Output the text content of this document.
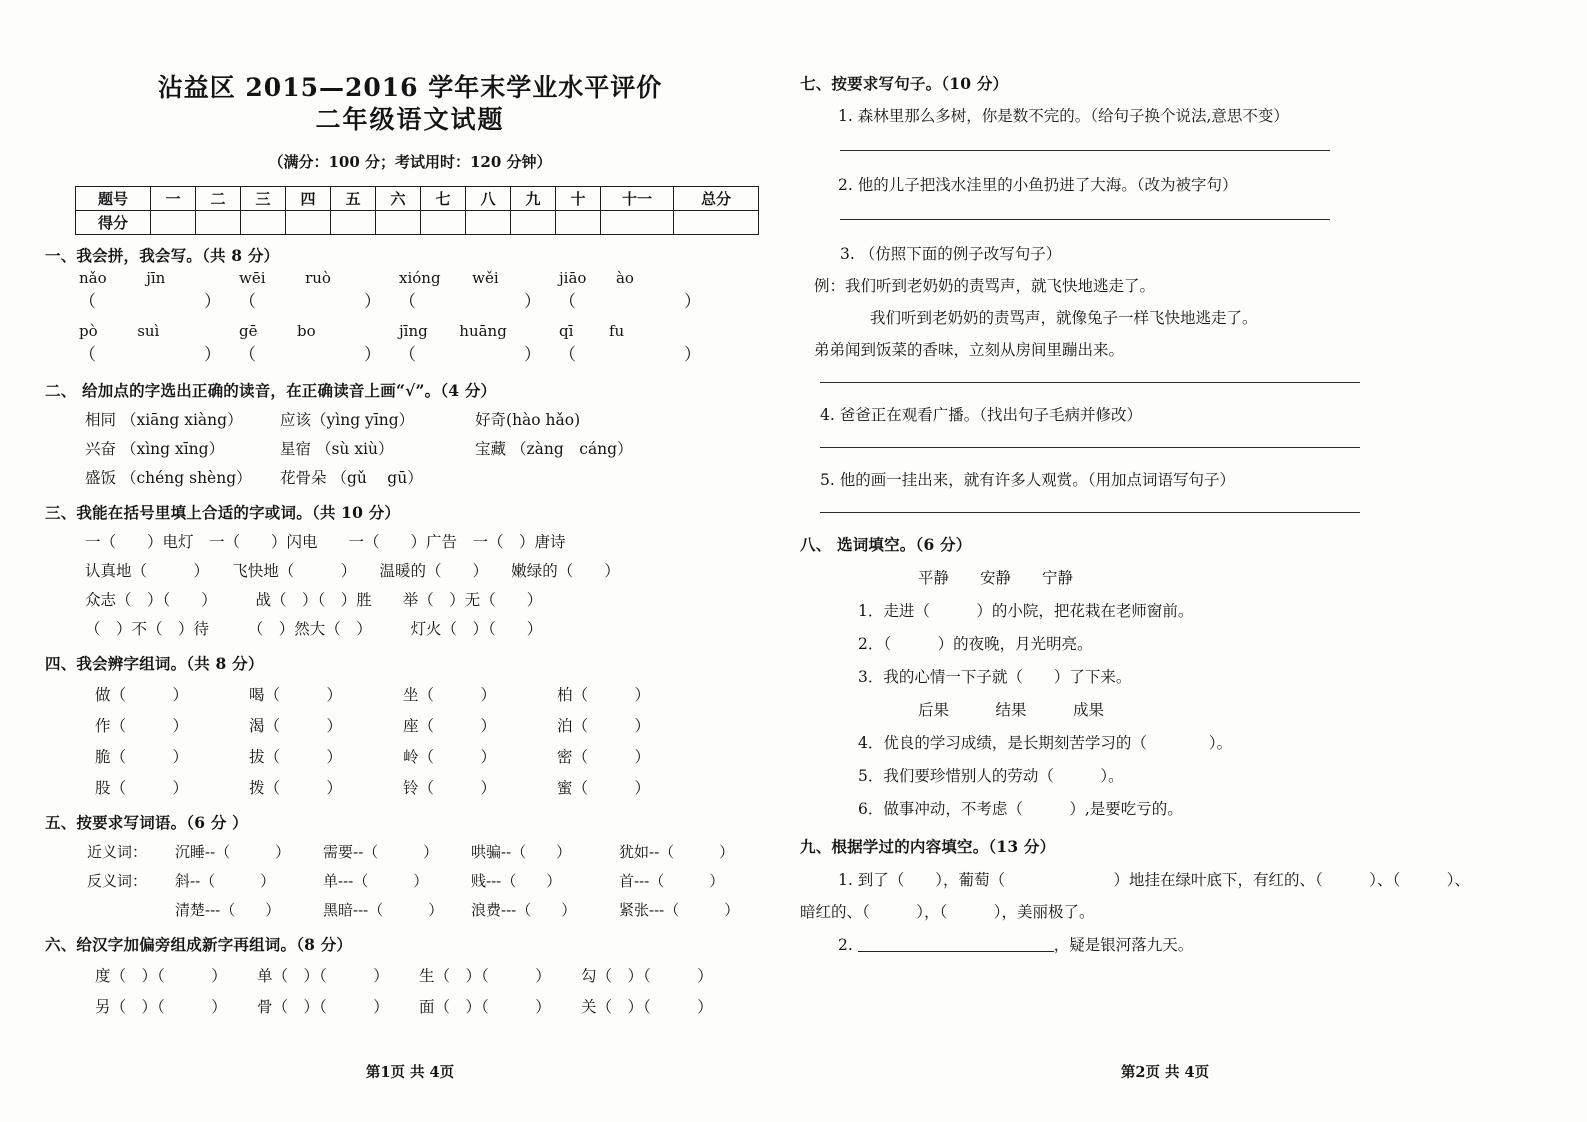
沾益区 2015—2016 学年末学业水平评价
二年级语文试题
（满分：100 分；考试用时：120 分钟）
题号	一	二	三	四	五	六	七	八	九	十	十一	总分
得分												
一、我会拼，我会写。（共 8 分）
nǎo	jīn	wēi	ruò	xióng wěi	jiāo ào
（	）	（	）	（	）	（	）
pò	suì	gē	bo	jīng huāng	qī fu
（	）	（	）	（	）	（	）
二、 给加点的字选出正确的读音，在正确读音上画“√”。（4 分）
相同 （xiāng xiàng）	应该（yìng yīng）	好奇(hào hǎo)
兴奋 （xìng xīng）	星宿 （sù xiù）	宝藏 （zàng　cáng）
盛饭 （chéng shèng）	花骨朵 （gǔ　 gū）
三、我能在括号里填上合适的字或词。（共 10 分）
一（　　）电灯　一（　　）闪电　　一（　　）广告　一（　）唐诗
认真地（　　　）　　飞快地（　　　）　　温暖的（　　）　　嫩绿的（　　）
众志（　）（　　）　　　战（　）（　）胜　　举（　）无（　　）
（　）不（　）待　　　（　）然大（　）　　　灯火（　）（　　）
四、我会辨字组词。（共 8 分）
做（　　　）	喝（　　　）	坐（　　　）	柏（　　　）
作（　　　）	渴（　　　）	座（　　　）	泊（　　　）
脆（　　　）	拔（　　　）	岭（　　　）	密（　　　）
股（　　　）	拨（　　　）	铃（　　　）	蜜（　　　）
五、按要求写词语。（6 分 ）
近义词：	沉睡--（　　　）	需要--（　　　）	哄骗--（　　）	犹如--（　　　）
反义词：	斜--（　　　）	单---（　　　）	贱---（　　）	首---（　　　）
清楚---（　　）	黑暗---（　　　）	浪费---（　　）	紧张---（　　　）
六、给汉字加偏旁组成新字再组词。（8 分）
度（　）（　　　）	单（　）（　　　）	生（　）（　　　）	勾（　）（　　　）
另（　）（　　　）	骨（　）（　　　）	面（　）（　　　）	关（　）（　　　）
第1页 共 4页
七、按要求写句子。（10 分）
1. 森林里那么多树，你是数不完的。（给句子换个说法,意思不变）
2. 他的儿子把浅水洼里的小鱼扔进了大海。（改为被字句）
3. （仿照下面的例子改写句子）
例：我们听到老奶奶的责骂声，就飞快地逃走了。
我们听到老奶奶的责骂声，就像兔子一样飞快地逃走了。
弟弟闻到饭菜的香味，立刻从房间里蹦出来。
4. 爸爸正在观看广播。（找出句子毛病并修改）
5. 他的画一挂出来，就有许多人观赏。（用加点词语写句子）
八、 选词填空。（6 分）
平静　　安静　　宁静
1．走进（　　　）的小院，把花栽在老师窗前。
2．（　　　）的夜晚，月光明亮。
3．我的心情一下子就（　　）了下来。
后果　　　结果　　　成果
4．优良的学习成绩，是长期刻苦学习的（　　　　）。
5．我们要珍惜别人的劳动（　　　）。
6．做事冲动，不考虑（　　　）,是要吃亏的。
九、根据学过的内容填空。（13 分）
1. 到了（　　），葡萄（　　　　　　　）地挂在绿叶底下，有红的、（　　　）、（　　　）、
暗红的、（　　　），（　　　），美丽极了。
2.	，疑是银河落九天。
第2页 共 4页
